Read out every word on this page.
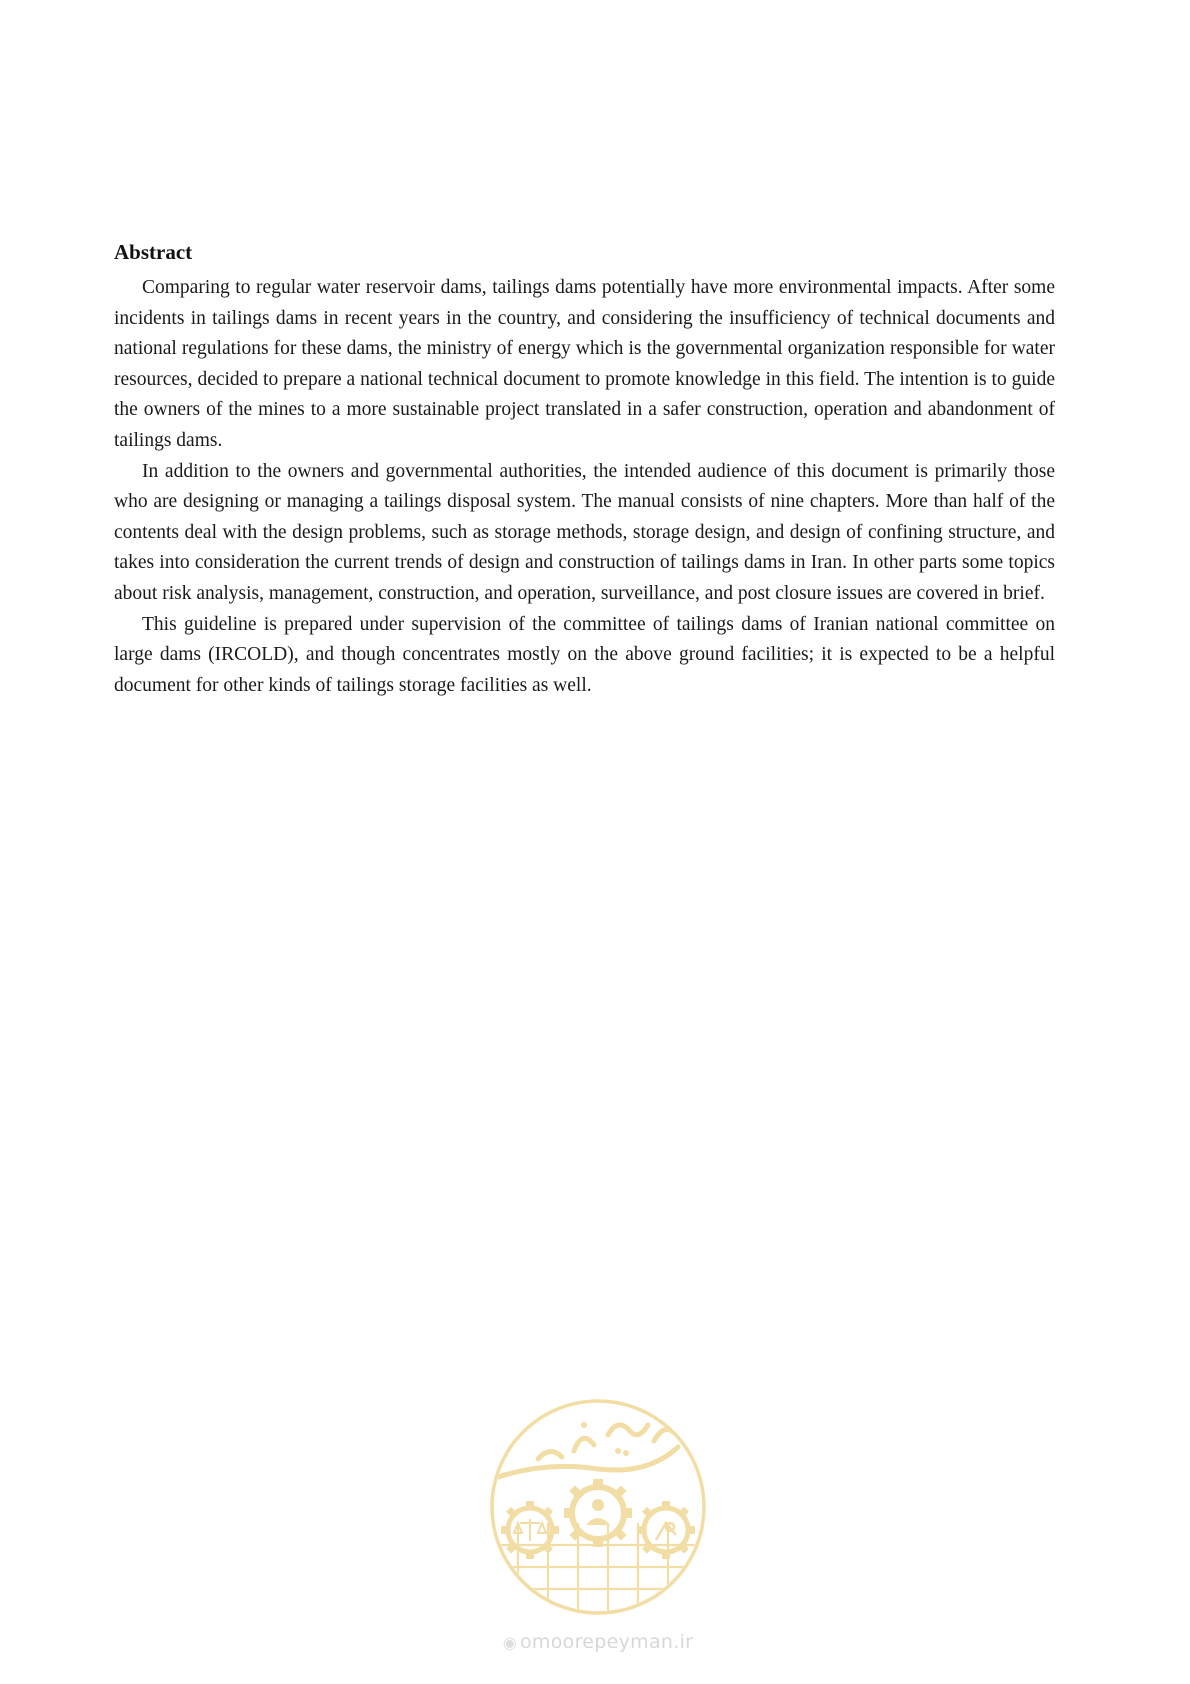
Abstract

Comparing to regular water reservoir dams, tailings dams potentially have more environmental impacts. After some incidents in tailings dams in recent years in the country, and considering the insufficiency of technical documents and national regulations for these dams, the ministry of energy which is the governmental organization responsible for water resources, decided to prepare a national technical document to promote knowledge in this field. The intention is to guide the owners of the mines to a more sustainable project translated in a safer construction, operation and abandonment of tailings dams.

In addition to the owners and governmental authorities, the intended audience of this document is primarily those who are designing or managing a tailings disposal system. The manual consists of nine chapters. More than half of the contents deal with the design problems, such as storage methods, storage design, and design of confining structure, and takes into consideration the current trends of design and construction of tailings dams in Iran. In other parts some topics about risk analysis, management, construction, and operation, surveillance, and post closure issues are covered in brief.

This guideline is prepared under supervision of the committee of tailings dams of Iranian national committee on large dams (IRCOLD), and though concentrates mostly on the above ground facilities; it is expected to be a helpful document for other kinds of tailings storage facilities as well.

◉ omoorepeyman.ir
